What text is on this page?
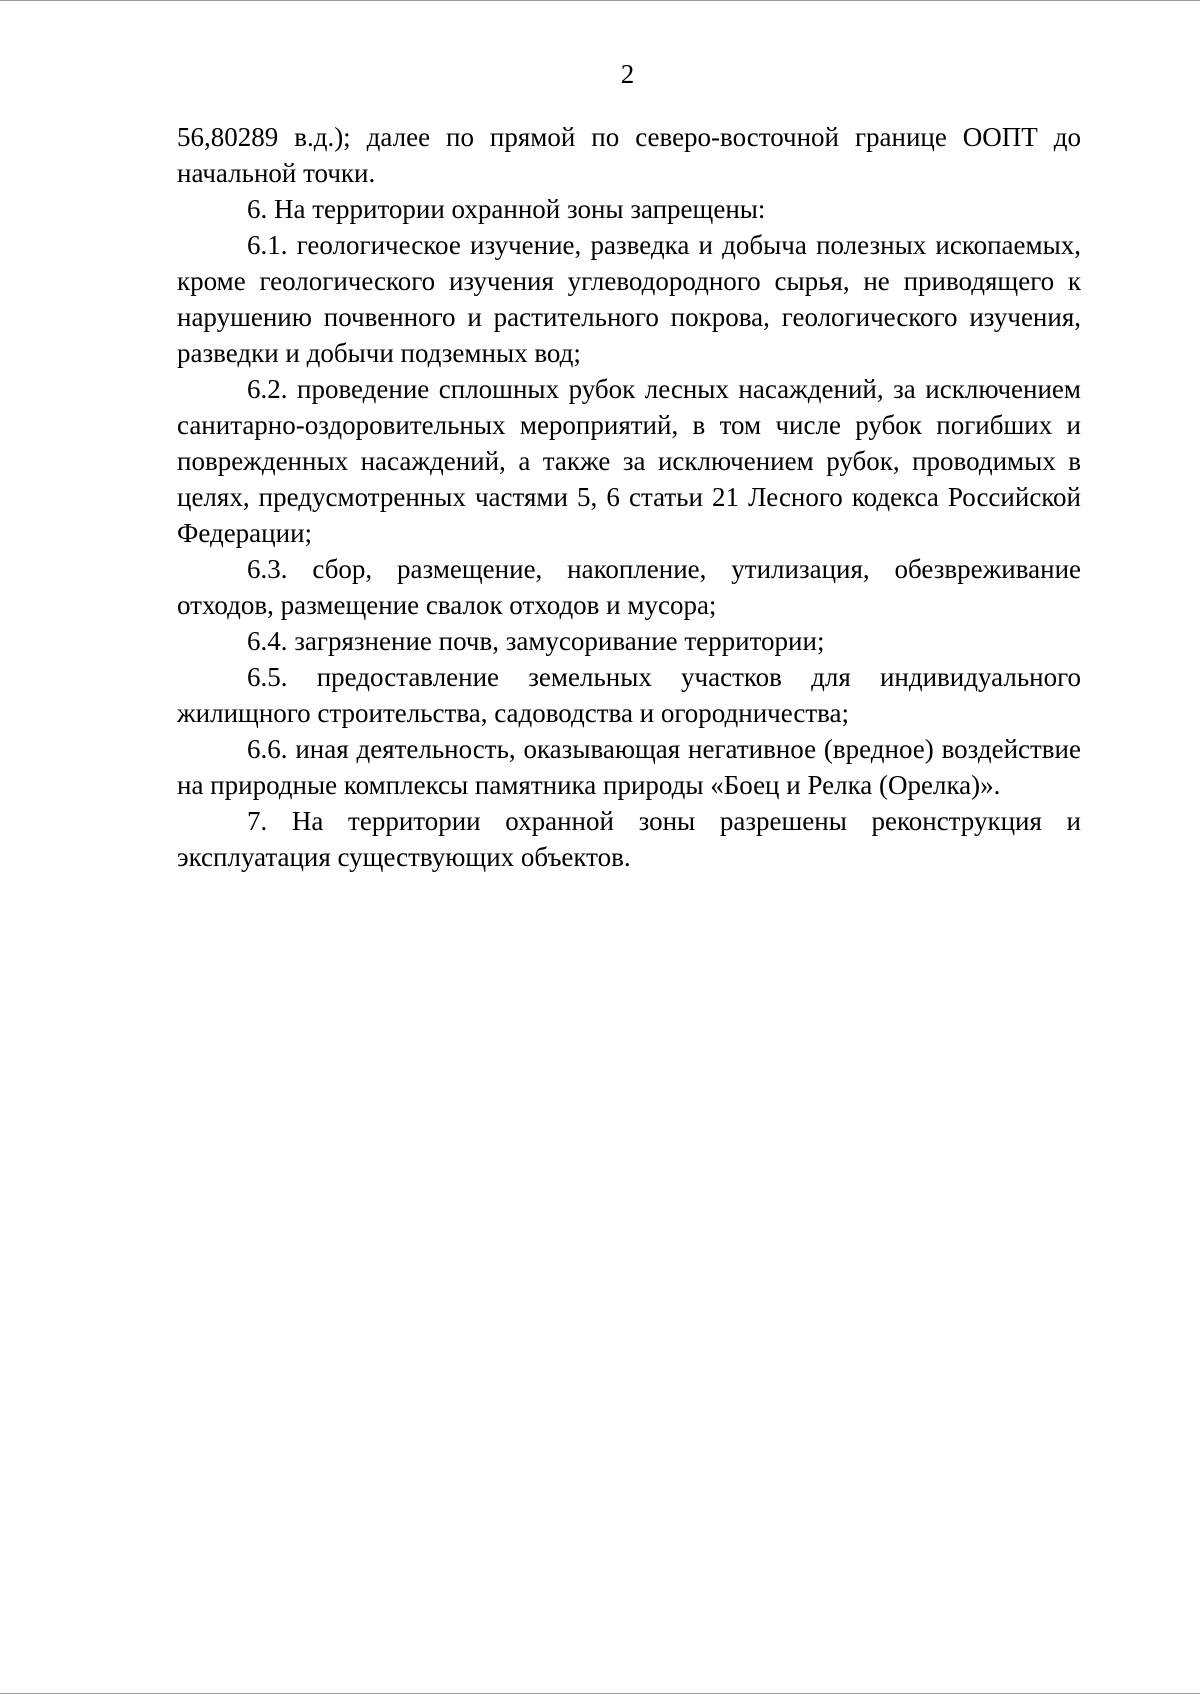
2

56,80289 в.д.); далее по прямой по северо-восточной границе ООПТ до начальной точки.

6. На территории охранной зоны запрещены:

6.1. геологическое изучение, разведка и добыча полезных ископаемых, кроме геологического изучения углеводородного сырья, не приводящего к нарушению почвенного и растительного покрова, геологического изучения, разведки и добычи подземных вод;

6.2. проведение сплошных рубок лесных насаждений, за исключением санитарно-оздоровительных мероприятий, в том числе рубок погибших и поврежденных насаждений, а также за исключением рубок, проводимых в целях, предусмотренных частями 5, 6 статьи 21 Лесного кодекса Российской Федерации;

6.3. сбор, размещение, накопление, утилизация, обезвреживание отходов, размещение свалок отходов и мусора;

6.4. загрязнение почв, замусоривание территории;

6.5. предоставление земельных участков для индивидуального жилищного строительства, садоводства и огородничества;

6.6. иная деятельность, оказывающая негативное (вредное) воздействие на природные комплексы памятника природы «Боец и Релка (Орелка)».

7. На территории охранной зоны разрешены реконструкция и эксплуатация существующих объектов.
